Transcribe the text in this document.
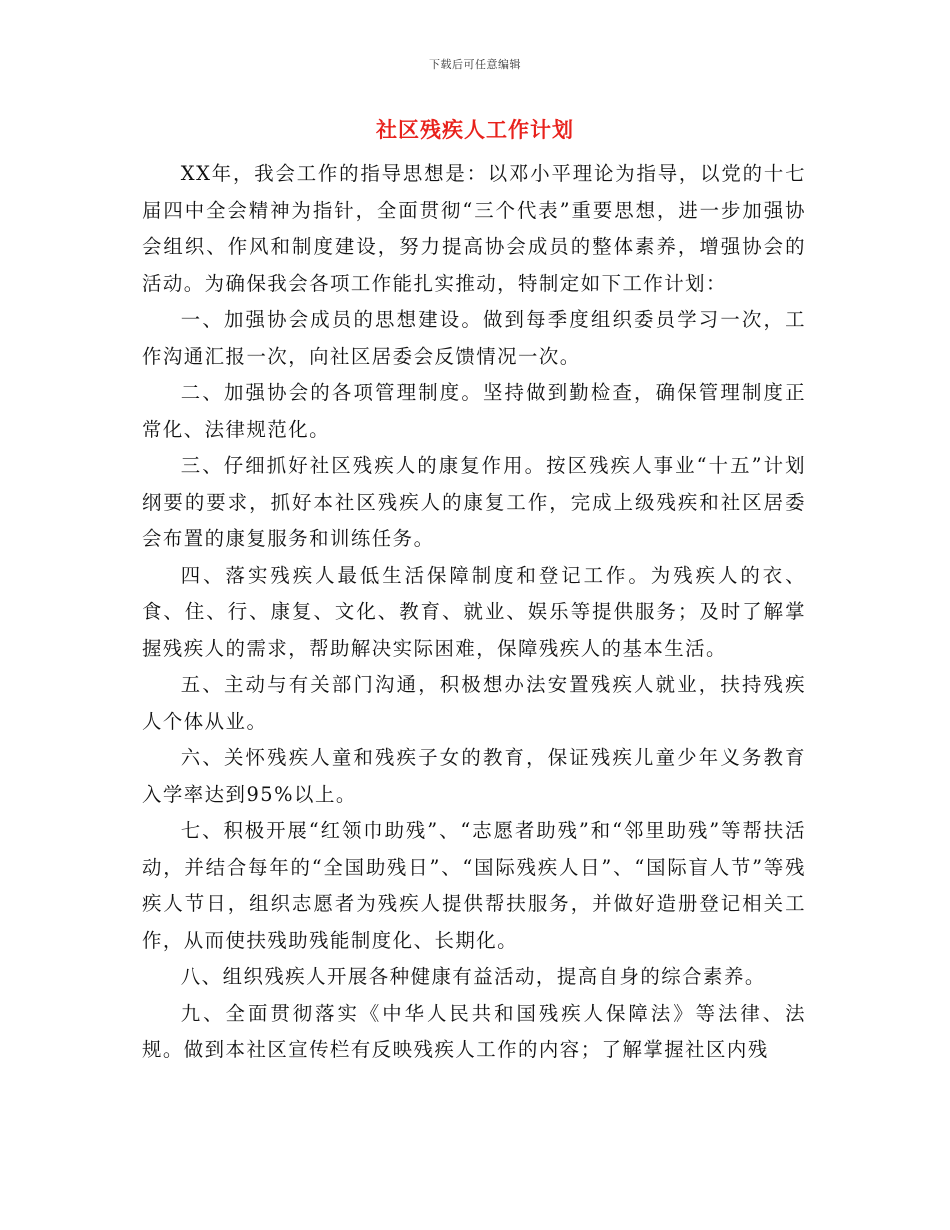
下载后可任意编辑
社区残疾人工作计划

XX年，我会工作的指导思想是：以邓小平理论为指导，以党的十七届四中全会精神为指针，全面贯彻“三个代表”重要思想，进一步加强协会组织、作风和制度建设，努力提高协会成员的整体素养，增强协会的活动。为确保我会各项工作能扎实推动，特制定如下工作计划：

一、加强协会成员的思想建设。做到每季度组织委员学习一次，工作沟通汇报一次，向社区居委会反馈情况一次。

二、加强协会的各项管理制度。坚持做到勤检查，确保管理制度正常化、法律规范化。

三、仔细抓好社区残疾人的康复作用。按区残疾人事业“十五”计划纲要的要求，抓好本社区残疾人的康复工作，完成上级残疾和社区居委会布置的康复服务和训练任务。

四、落实残疾人最低生活保障制度和登记工作。为残疾人的衣、食、住、行、康复、文化、教育、就业、娱乐等提供服务；及时了解掌握残疾人的需求，帮助解决实际困难，保障残疾人的基本生活。

五、主动与有关部门沟通，积极想办法安置残疾人就业，扶持残疾人个体从业。

六、关怀残疾人童和残疾子女的教育，保证残疾儿童少年义务教育入学率达到95%以上。

七、积极开展“红领巾助残”、“志愿者助残”和“邻里助残”等帮扶活动，并结合每年的“全国助残日”、“国际残疾人日”、“国际盲人节”等残疾人节日，组织志愿者为残疾人提供帮扶服务，并做好造册登记相关工作，从而使扶残助残能制度化、长期化。

八、组织残疾人开展各种健康有益活动，提高自身的综合素养。

九、全面贯彻落实《中华人民共和国残疾人保障法》等法律、法规。做到本社区宣传栏有反映残疾人工作的内容；了解掌握社区内残
